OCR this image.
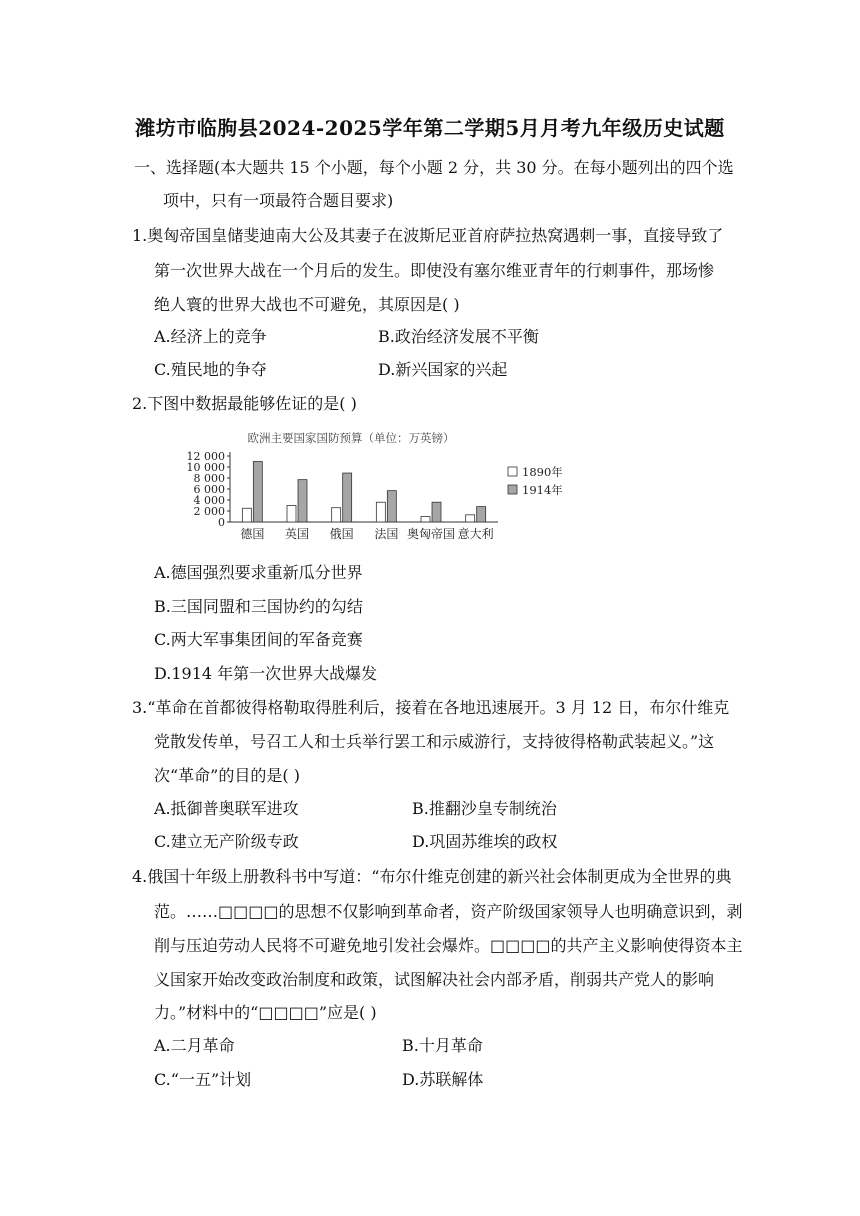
潍坊市临朐县2024-2025学年第二学期5月月考九年级历史试题
一、选择题(本大题共 15 个小题，每个小题 2 分，共 30 分。在每小题列出的四个选
项中，只有一项最符合题目要求)
1.奥匈帝国皇储斐迪南大公及其妻子在波斯尼亚首府萨拉热窝遇刺一事，直接导致了
第一次世界大战在一个月后的发生。即使没有塞尔维亚青年的行刺事件，那场惨
绝人寰的世界大战也不可避免，其原因是( )
A.经济上的竞争	B.政治经济发展不平衡
C.殖民地的争夺	D.新兴国家的兴起
2.下图中数据最能够佐证的是( )
欧洲主要国家国防预算（单位：万英镑）
12 000
10 000
8 000
6 000
4 000
2 000
0
德国 英国 俄国 法国 奥匈帝国 意大利
1890年
1914年
A.德国强烈要求重新瓜分世界
B.三国同盟和三国协约的勾结
C.两大军事集团间的军备竞赛
D.1914 年第一次世界大战爆发
3.“革命在首都彼得格勒取得胜利后，接着在各地迅速展开。3 月 12 日，布尔什维克
党散发传单，号召工人和士兵举行罢工和示威游行，支持彼得格勒武装起义。”这
次“革命”的目的是( )
A.抵御普奥联军进攻	B.推翻沙皇专制统治
C.建立无产阶级专政	D.巩固苏维埃的政权
4.俄国十年级上册教科书中写道：“布尔什维克创建的新兴社会体制更成为全世界的典
范。……□□□□的思想不仅影响到革命者，资产阶级国家领导人也明确意识到，剥
削与压迫劳动人民将不可避免地引发社会爆炸。□□□□的共产主义影响使得资本主
义国家开始改变政治制度和政策，试图解决社会内部矛盾，削弱共产党人的影响
力。”材料中的“□□□□”应是( )
A.二月革命	B.十月革命
C.“一五”计划	D.苏联解体
